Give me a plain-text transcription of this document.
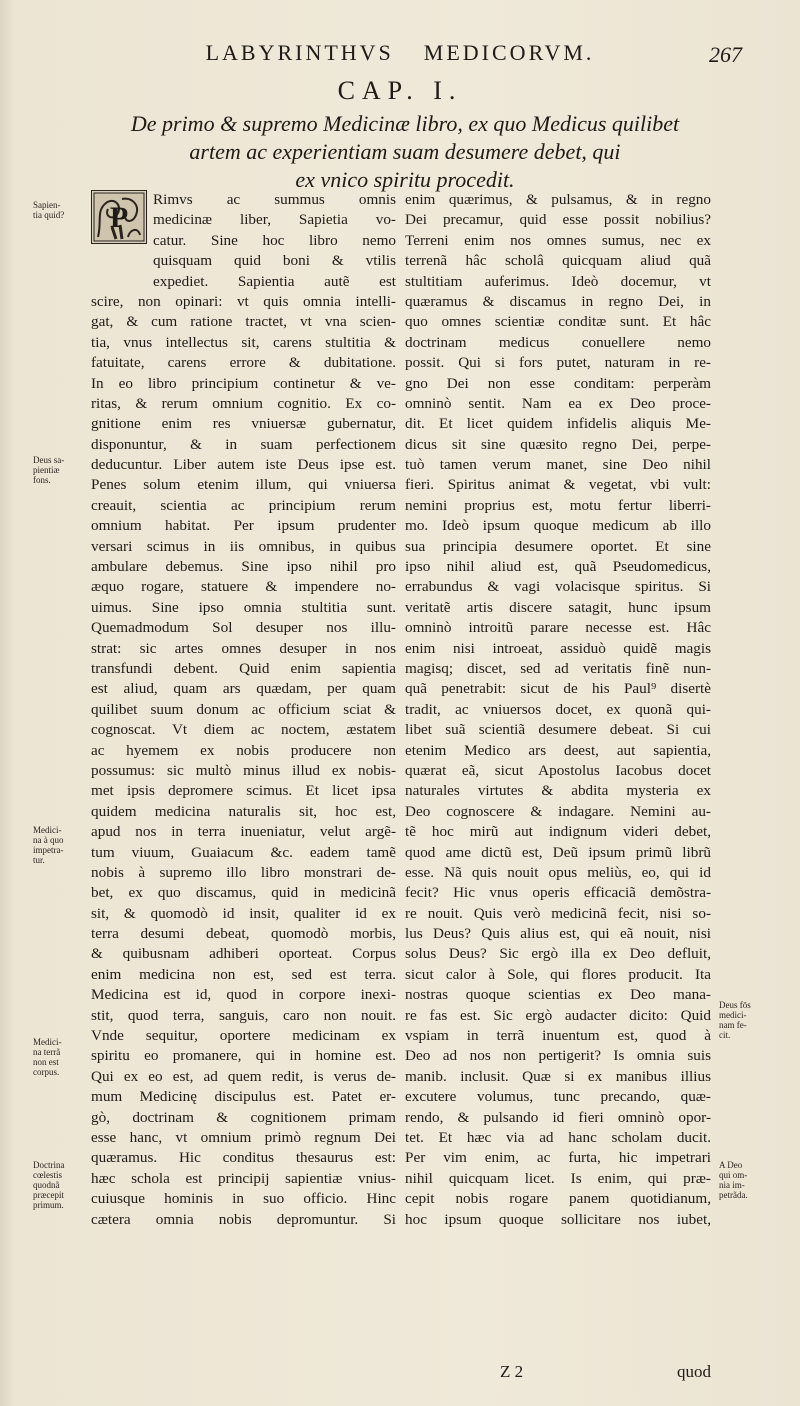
LABYRINTHVS MEDICORVM.	267
CAP. I.
De primo & supremo Medicinæ libro, ex quo Medicus quilibet
artem ac experientiam suam desumere debet, qui
ex vnico spiritu procedit.
P
Rimvs ac summus omnis
medicinæ liber, Sapietia vo-
catur. Sine hoc libro nemo
quisquam quid boni & vtilis
expediet. Sapientia autẽ est
scire, non opinari: vt quis omnia intelli-
gat, & cum ratione tractet, vt vna scien-
tia, vnus intellectus sit, carens stultitia &
fatuitate, carens errore & dubitatione.
In eo libro principium continetur & ve-
ritas, & rerum omnium cognitio. Ex co-
gnitione enim res vniuersæ gubernatur,
disponuntur, & in suam perfectionem
deducuntur. Liber autem iste Deus ipse est.
Penes solum etenim illum, qui vniuersa
creauit, scientia ac principium rerum
omnium habitat. Per ipsum prudenter
versari scimus in iis omnibus, in quibus
ambulare debemus. Sine ipso nihil pro
æquo rogare, statuere & impendere no-
uimus. Sine ipso omnia stultitia sunt.
Quemadmodum Sol desuper nos illu-
strat: sic artes omnes desuper in nos
transfundi debent. Quid enim sapientia
est aliud, quam ars quædam, per quam
quilibet suum donum ac officium sciat &
cognoscat. Vt diem ac noctem, æstatem
ac hyemem ex nobis producere non
possumus: sic multò minus illud ex nobis-
met ipsis depromere scimus. Et licet ipsa
quidem medicina naturalis sit, hoc est,
apud nos in terra inueniatur, velut argẽ-
tum viuum, Guaiacum &c. eadem tamẽ
nobis à supremo illo libro monstrari de-
bet, ex quo discamus, quid in medicinã
sit, & quomodò id insit, qualiter id ex
terra desumi debeat, quomodò morbis,
& quibusnam adhiberi oporteat. Corpus
enim medicina non est, sed est terra.
Medicina est id, quod in corpore inexi-
stit, quod terra, sanguis, caro non nouit.
Vnde sequitur, oportere medicinam ex
spiritu eo promanere, qui in homine est.
Qui ex eo est, ad quem redit, is verus de-
mum Medicinę discipulus est. Patet er-
gò, doctrinam & cognitionem primam
esse hanc, vt omnium primò regnum Dei
quæramus. Hic conditus thesaurus est:
hæc schola est principij sapientiæ vnius-
cuiusque hominis in suo officio. Hinc
cætera omnia nobis depromuntur. Si
enim quærimus, & pulsamus, & in regno
Dei precamur, quid esse possit nobilius?
Terreni enim nos omnes sumus, nec ex
terrenã hâc scholâ quicquam aliud quã
stultitiam auferimus. Ideò docemur, vt
quæramus & discamus in regno Dei, in
quo omnes scientiæ conditæ sunt. Et hâc
doctrinam medicus conuellere nemo
possit. Qui si fors putet, naturam in re-
gno Dei non esse conditam: perperàm
omninò sentit. Nam ea ex Deo proce-
dit. Et licet quidem infidelis aliquis Me-
dicus sit sine quæsito regno Dei, perpe-
tuò tamen verum manet, sine Deo nihil
fieri. Spiritus animat & vegetat, vbi vult:
nemini proprius est, motu fertur liberri-
mo. Ideò ipsum quoque medicum ab illo
sua principia desumere oportet. Et sine
ipso nihil aliud est, quã Pseudomedicus,
errabundus & vagi volacisque spiritus. Si
veritatẽ artis discere satagit, hunc ipsum
omninò introitũ parare necesse est. Hâc
enim nisi introeat, assiduò quidẽ magis
magisq; discet, sed ad veritatis finẽ nun-
quã penetrabit: sicut de his Paul⁹ disertè
tradit, ac vniuersos docet, ex quonã qui-
libet suã scientiã desumere debeat. Si cui
etenim Medico ars deest, aut sapientia,
quærat eã, sicut Apostolus Iacobus docet
naturales virtutes & abdita mysteria ex
Deo cognoscere & indagare. Nemini au-
tẽ hoc mirũ aut indignum videri debet,
quod ame dictũ est, Deũ ipsum primũ librũ
esse. Nã quis nouit opus meliùs, eo, qui id
fecit? Hic vnus operis efficaciã demõstra-
re nouit. Quis verò medicinã fecit, nisi so-
lus Deus? Quis alius est, qui eã nouit, nisi
solus Deus? Sic ergò illa ex Deo defluit,
sicut calor à Sole, qui flores producit. Ita
nostras quoque scientias ex Deo mana-
re fas est. Sic ergò audacter dicito: Quid
vspiam in terrã inuentum est, quod à
Deo ad nos non pertigerit? Is omnia suis
manib. inclusit. Quæ si ex manibus illius
excutere volumus, tunc precando, quæ-
rendo, & pulsando id fieri omninò opor-
tet. Et hæc via ad hanc scholam ducit.
Per vim enim, ac furta, hic impetrari
nihil quicquam licet. Is enim, qui præ-
cepit nobis rogare panem quotidianum,
hoc ipsum quoque sollicitare nos iubet,
Sapien-
tia quid?
Deus sa-
pientiæ
fons.
Medici-
na à quo
impetra-
tur.
Medici-
na terrã
non est
corpus.
Doctrina
cœlestis
quodnã
præcepit
primum.
Deus fōs
medici-
nam fe-
cit.
A Deo
qui om-
nia im-
petrãda.
Z 2	quod
